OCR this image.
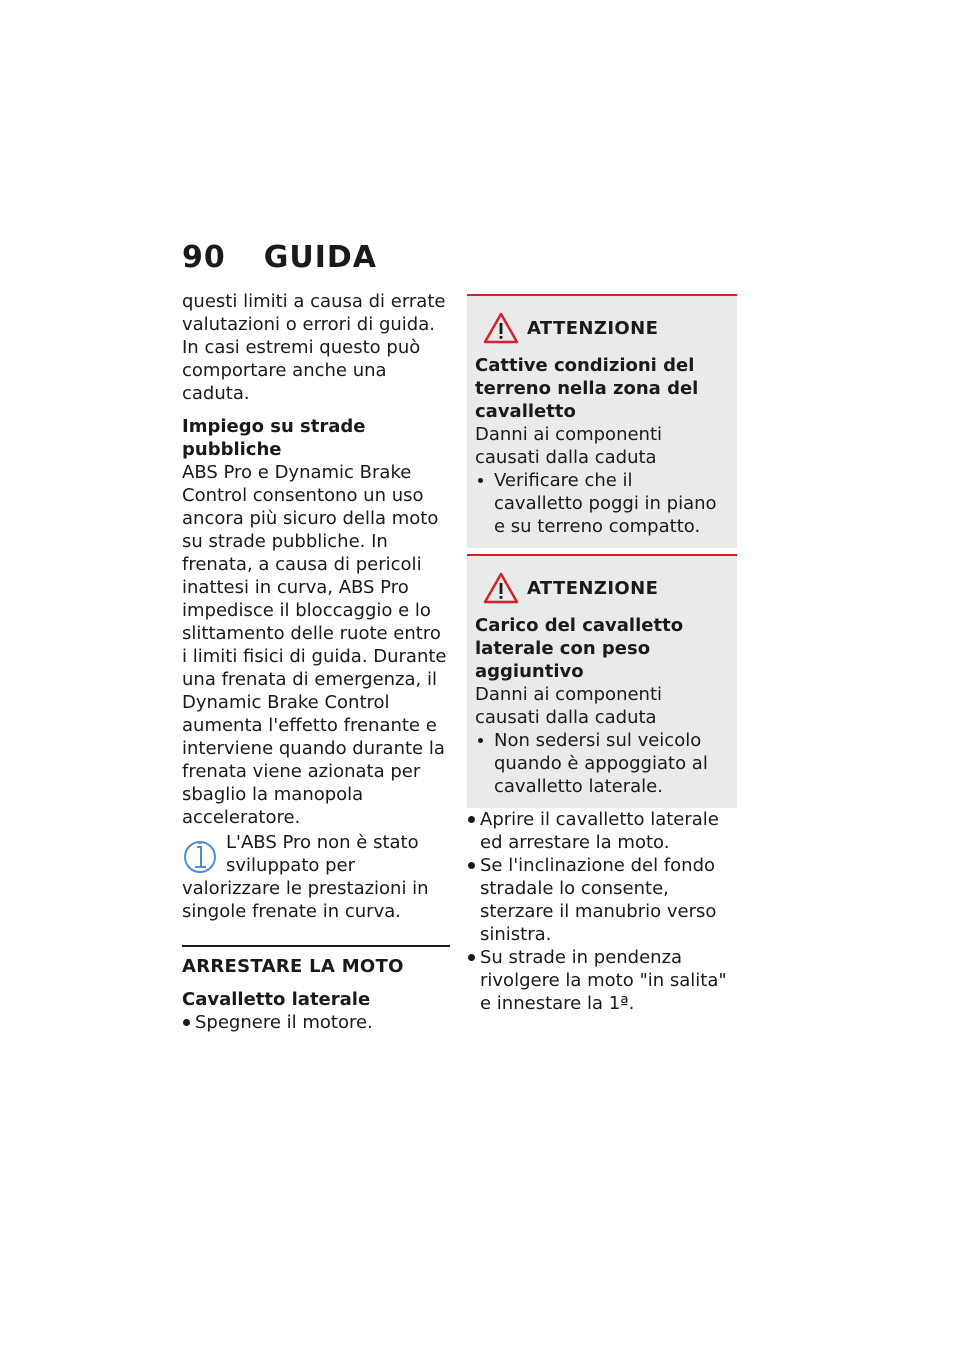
90 GUIDA

questi limiti a causa di errate valutazioni o errori di guida. In casi estremi questo può comportare anche una caduta.

Impiego su strade pubbliche

ABS Pro e Dynamic Brake Control consentono un uso ancora più sicuro della moto su strade pubbliche. In frenata, a causa di pericoli inattesi in curva, ABS Pro impedisce il bloccaggio e lo slittamento delle ruote entro i limiti fisici di guida. Durante una frenata di emergenza, il Dynamic Brake Control aumenta l'effetto frenante e interviene quando durante la frenata viene azionata per sbaglio la manopola acceleratore.

L'ABS Pro non è stato sviluppato per valorizzare le prestazioni in singole frenate in curva.

ARRESTARE LA MOTO

Cavalletto laterale

Spegnere il motore.
ATTENZIONE

Cattive condizioni del terreno nella zona del cavalletto

Danni ai componenti causati dalla caduta

Verificare che il cavalletto poggi in piano e su terreno compatto.
ATTENZIONE

Carico del cavalletto laterale con peso aggiuntivo

Danni ai componenti causati dalla caduta

Non sedersi sul veicolo quando è appoggiato al cavalletto laterale.
Aprire il cavalletto laterale ed arrestare la moto.
Se l'inclinazione del fondo stradale lo consente, sterzare il manubrio verso sinistra.
Su strade in pendenza rivolgere la moto "in salita" e innestare la 1ª.
